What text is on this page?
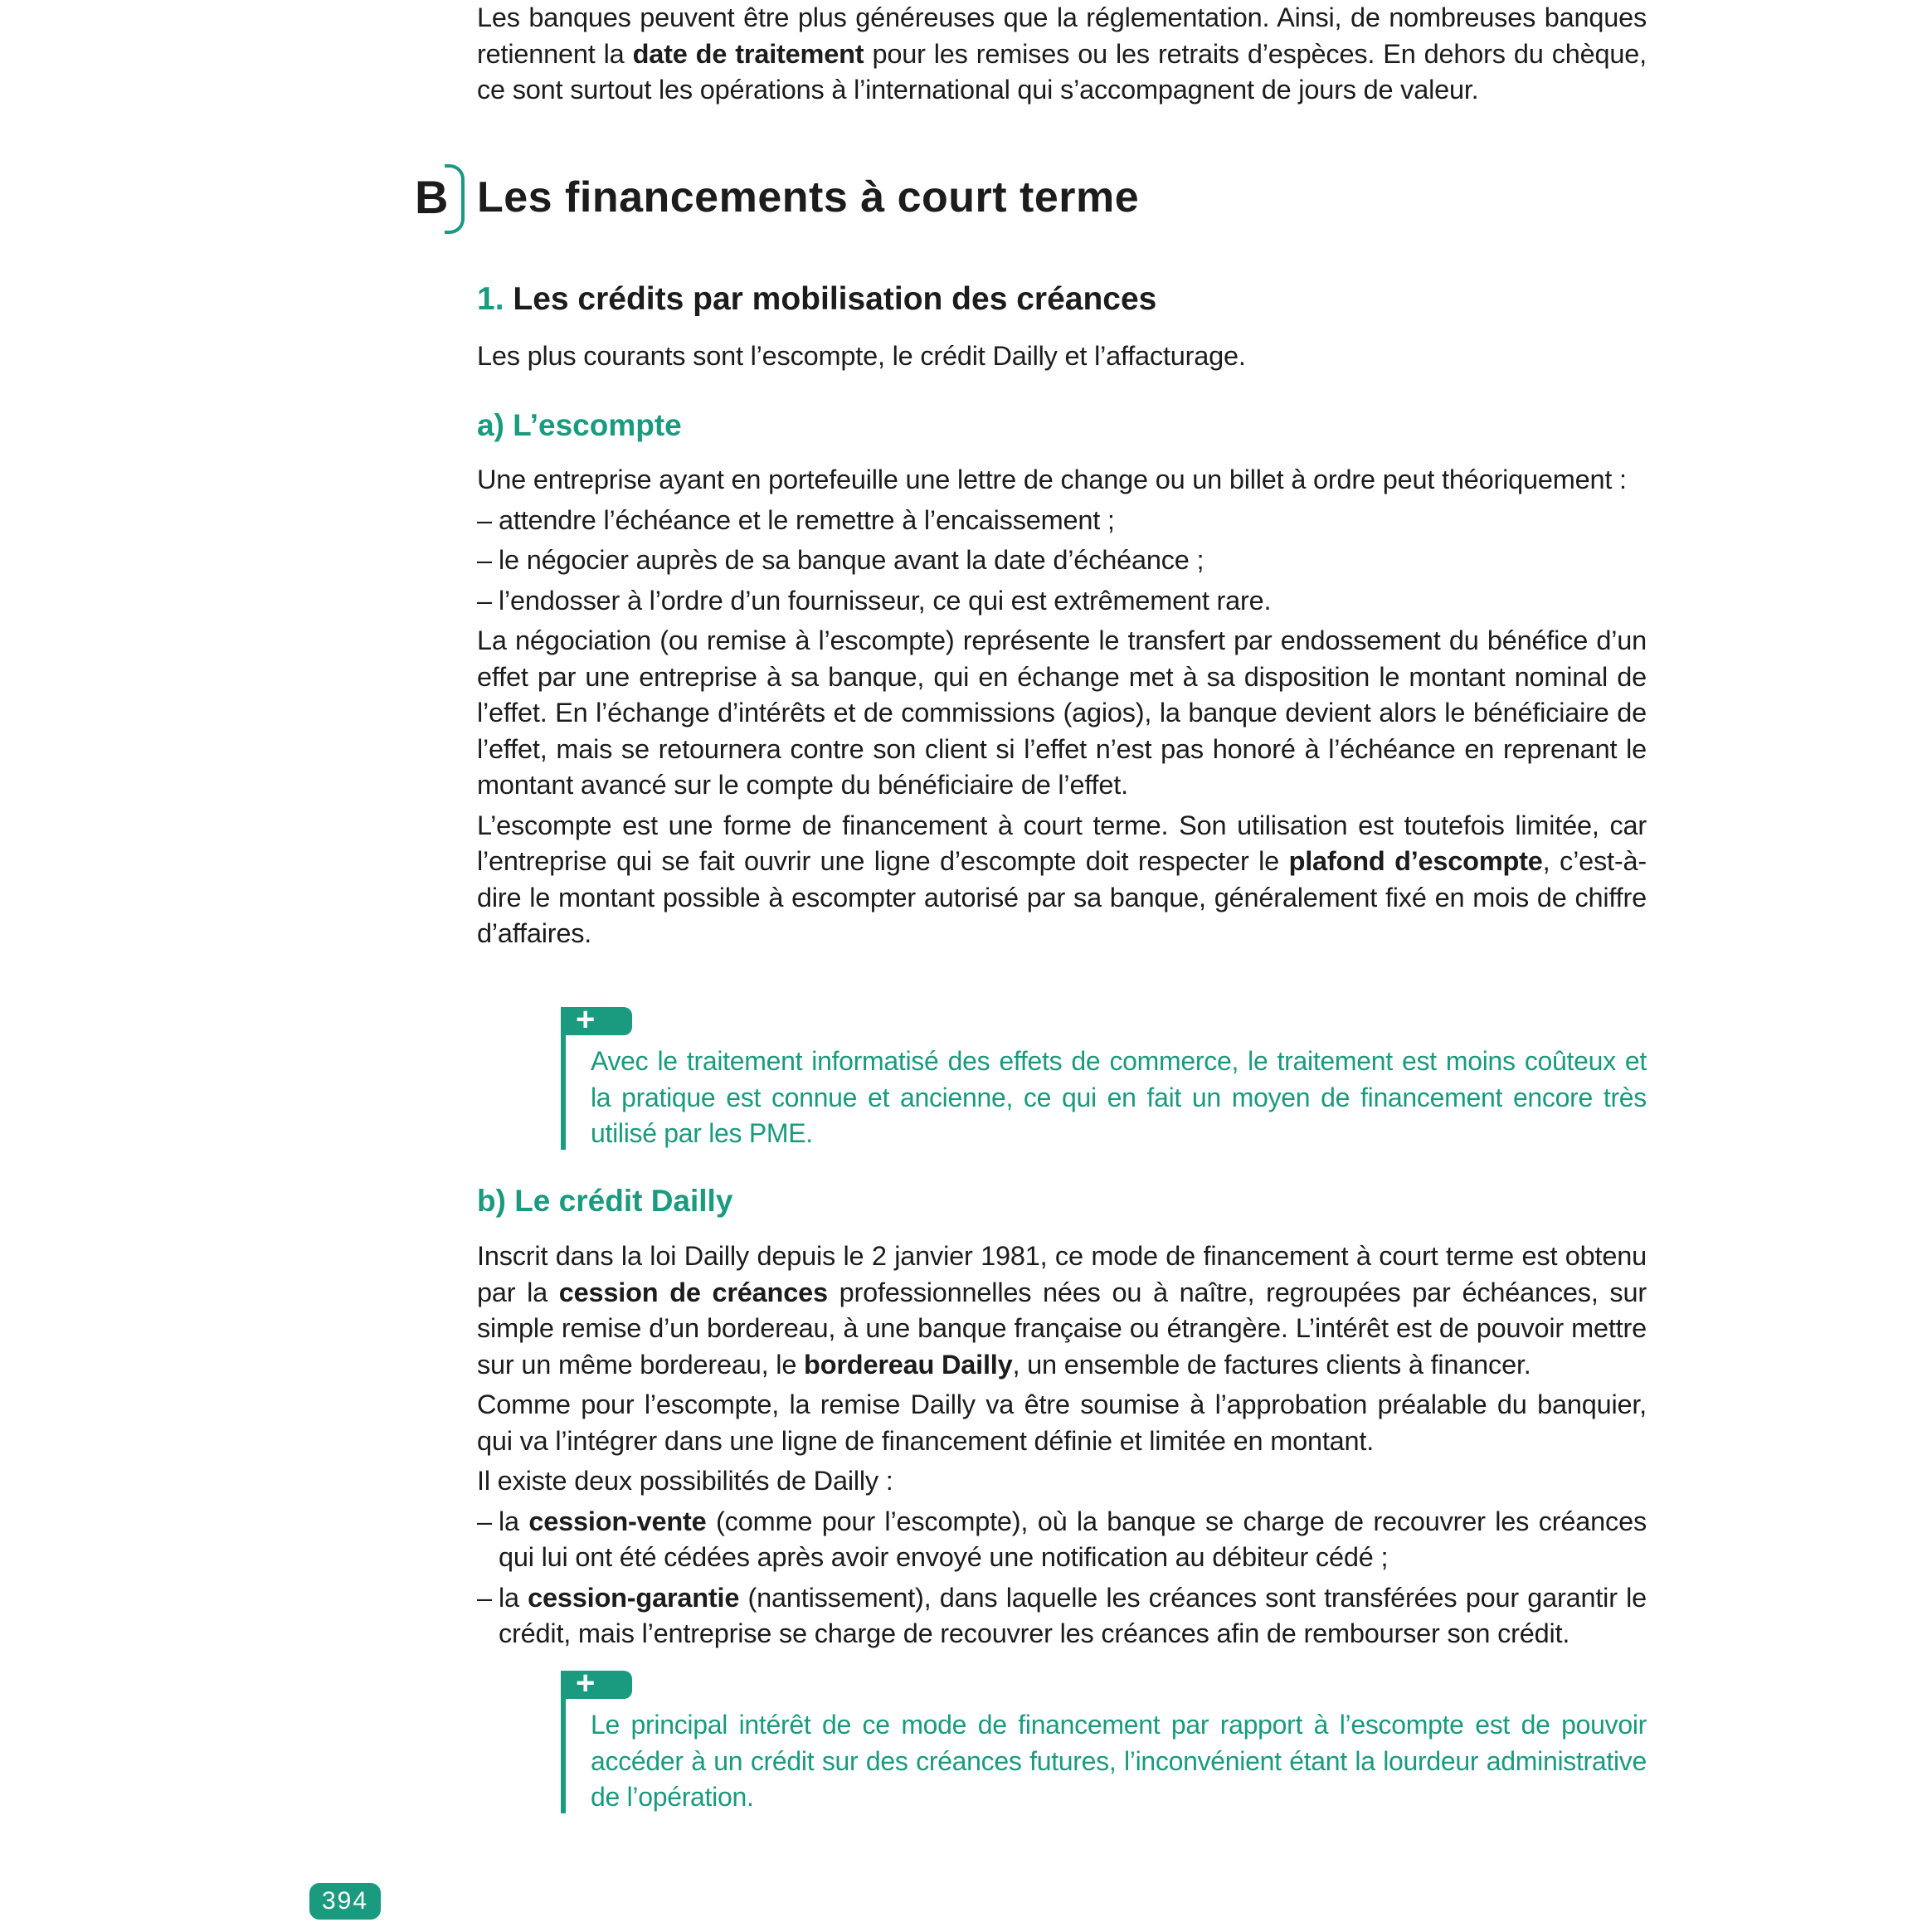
Les banques peuvent être plus généreuses que la réglementation. Ainsi, de nombreuses banques retiennent la date de traitement pour les remises ou les retraits d’espèces. En dehors du chèque, ce sont surtout les opérations à l’international qui s’accompagnent de jours de valeur.

B Les financements à court terme
1. Les crédits par mobilisation des créances

Les plus courants sont l’escompte, le crédit Dailly et l’affacturage.

a) L’escompte

Une entreprise ayant en portefeuille une lettre de change ou un billet à ordre peut théoriquement :

– attendre l’échéance et le remettre à l’encaissement ;

– le négocier auprès de sa banque avant la date d’échéance ;

– l’endosser à l’ordre d’un fournisseur, ce qui est extrêmement rare.

La négociation (ou remise à l’escompte) représente le transfert par endossement du bénéfice d’un effet par une entreprise à sa banque, qui en échange met à sa disposition le montant nominal de l’effet. En l’échange d’intérêts et de commissions (agios), la banque devient alors le bénéficiaire de l’effet, mais se retournera contre son client si l’effet n’est pas honoré à l’échéance en reprenant le montant avancé sur le compte du bénéficiaire de l’effet.

L’escompte est une forme de financement à court terme. Son utilisation est toutefois limitée, car l’entreprise qui se fait ouvrir une ligne d’escompte doit respecter le plafond d’escompte, c’est-à-dire le montant possible à escompter autorisé par sa banque, généralement fixé en mois de chiffre d’affaires.

+

Avec le traitement informatisé des effets de commerce, le traitement est moins coûteux et la pratique est connue et ancienne, ce qui en fait un moyen de financement encore très utilisé par les PME.

b) Le crédit Dailly

Inscrit dans la loi Dailly depuis le 2 janvier 1981, ce mode de financement à court terme est obtenu par la cession de créances professionnelles nées ou à naître, regroupées par échéances, sur simple remise d’un bordereau, à une banque française ou étrangère. L’intérêt est de pouvoir mettre sur un même bordereau, le bordereau Dailly, un ensemble de factures clients à financer.

Comme pour l’escompte, la remise Dailly va être soumise à l’approbation préalable du banquier, qui va l’intégrer dans une ligne de financement définie et limitée en montant.

Il existe deux possibilités de Dailly :

– la cession-vente (comme pour l’escompte), où la banque se charge de recouvrer les créances qui lui ont été cédées après avoir envoyé une notification au débiteur cédé ;

– la cession-garantie (nantissement), dans laquelle les créances sont transférées pour garantir le crédit, mais l’entreprise se charge de recouvrer les créances afin de rembourser son crédit.

+

Le principal intérêt de ce mode de financement par rapport à l’escompte est de pouvoir accéder à un crédit sur des créances futures, l’inconvénient étant la lourdeur administrative de l’opération.

394
